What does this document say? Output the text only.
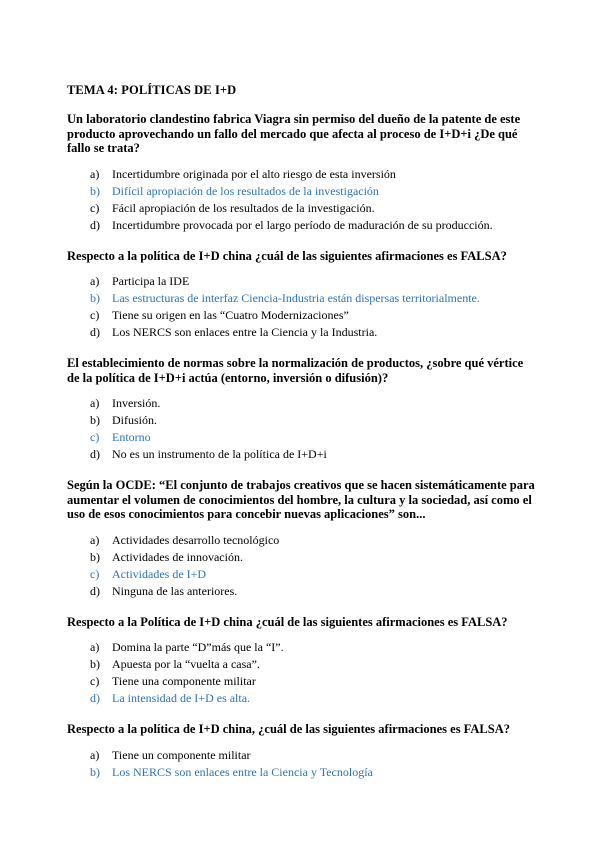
TEMA 4: POLÍTICAS DE I+D

Un laboratorio clandestino fabrica Viagra sin permiso del dueño de la patente de este producto aprovechando un fallo del mercado que afecta al proceso de I+D+i ¿De qué fallo se trata?

a)	Incertidumbre originada por el alto riesgo de esta inversión
b)	Difícil apropiación de los resultados de la investigación
c)	Fácil apropiación de los resultados de la investigación.
d)	Incertidumbre provocada por el largo período de maduración de su producción.

Respecto a la política de I+D china ¿cuál de las siguientes afirmaciones es FALSA?

a)	Participa la IDE
b)	Las estructuras de interfaz Ciencia-Industria están dispersas territorialmente.
c)	Tiene su origen en las “Cuatro Modernizaciones”
d)	Los NERCS son enlaces entre la Ciencia y la Industria.

El establecimiento de normas sobre la normalización de productos, ¿sobre qué vértice de la política de I+D+i actúa (entorno, inversión o difusión)?

a)	Inversión.
b)	Difusión.
c)	Entorno
d)	No es un instrumento de la política de I+D+i

Según la OCDE: “El conjunto de trabajos creativos que se hacen sistemáticamente para aumentar el volumen de conocimientos del hombre, la cultura y la sociedad, así como el uso de esos conocimientos para concebir nuevas aplicaciones” son...

a)	Actividades desarrollo tecnológico
b)	Actividades de innovación.
c)	Actividades de I+D
d)	Ninguna de las anteriores.

Respecto a la Política de I+D china ¿cuál de las siguientes afirmaciones es FALSA?

a)	Domina la parte “D”más que la “I”.
b)	Apuesta por la “vuelta a casa”.
c)	Tiene una componente militar
d)	La intensidad de I+D es alta.

Respecto a la política de I+D china, ¿cuál de las siguientes afirmaciones es FALSA?

a)	Tiene un componente militar
b)	Los NERCS son enlaces entre la Ciencia y Tecnología
